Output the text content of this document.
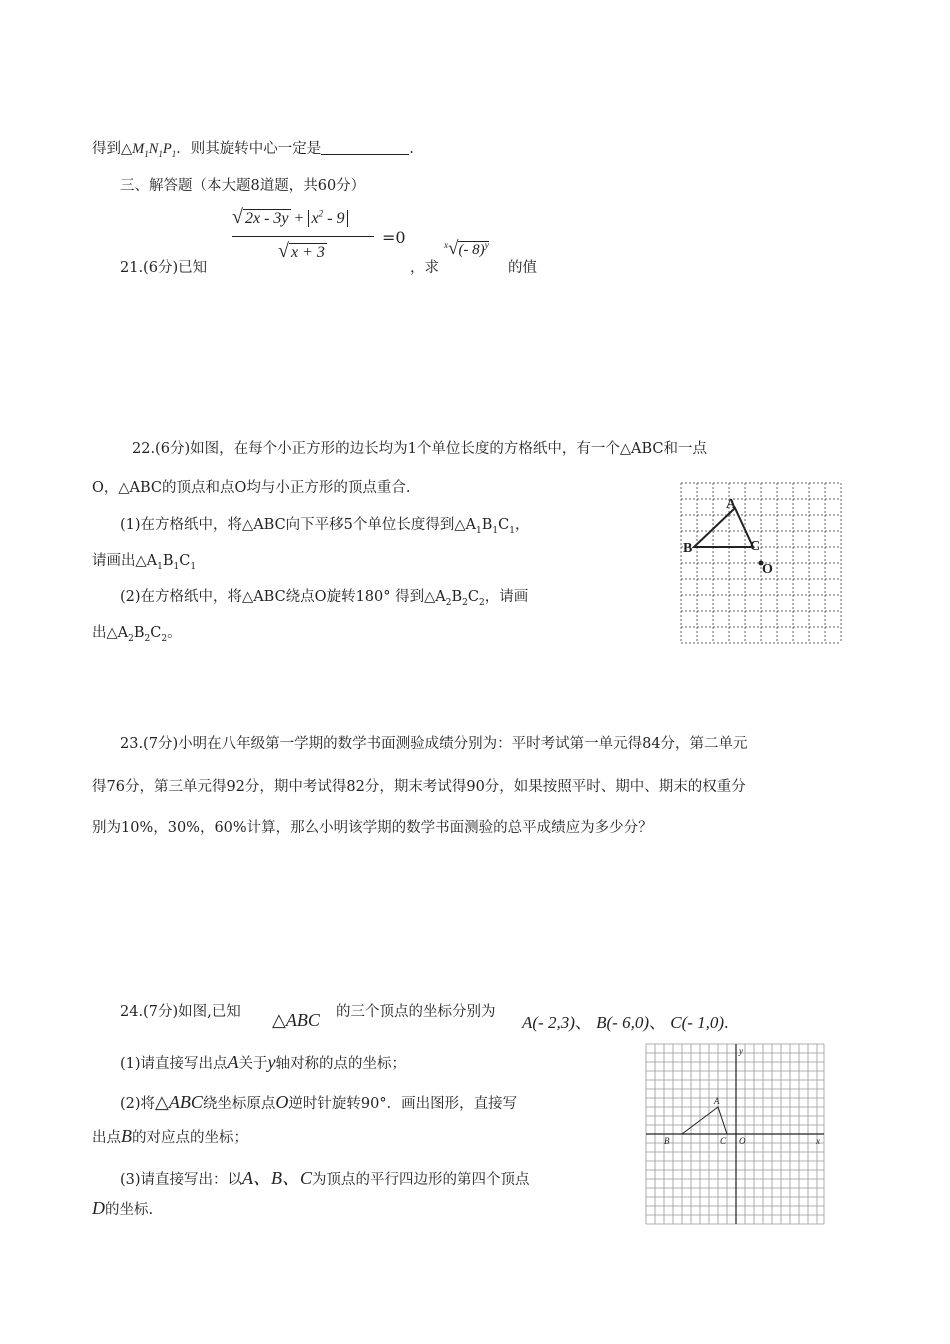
得到$\triangle M_1N_1P_1$．则其旋转中心一定是	.
三、解答题（本大题8道题，共60分）
21.(6分)已知
√ $2x - 3y + x^2 - 9$
√ x + 3
=0
，求
$^x$√(- 8)$^y$
的值
22.(6分)如图，在每个小正方形的边长均为1个单位长度的方格纸中，有一个△ABC和一点
O，△ABC的顶点和点O均与小正方形的顶点重合.
(1)在方格纸中，将△ABC向下平移5个单位长度得到$\triangle A_1B_1C_1$，
请画出$\triangle A_1B_1C_1$
(2)在方格纸中，将△ABC绕点O旋转180° 得到$\triangle A_2B_2C_2$，请画
出$\triangle A_2B_2C_2$。
A
B	C
O
23.(7分)小明在八年级第一学期的数学书面测验成绩分别为：平时考试第一单元得84分，第二单元
得76分，第三单元得92分，期中考试得82分，期末考试得90分，如果按照平时、期中、期末的权重分
别为10%，30%，60%计算，那么小明该学期的数学书面测验的总平成绩应为多少分？
24.(7分)如图,已知 △ABC 的三个顶点的坐标分别为
A(- 2,3)、 B(- 6,0)、 C(- 1,0).
(1)请直接写出点A关于y轴对称的点的坐标；
(2)将△ABC绕坐标原点O逆时针旋转90°．画出图形，直接写
出点B的对应点的坐标；
(3)请直接写出：以A、B、C为顶点的平行四边形的第四个顶点
D的坐标.
A
B	C O	x
y
